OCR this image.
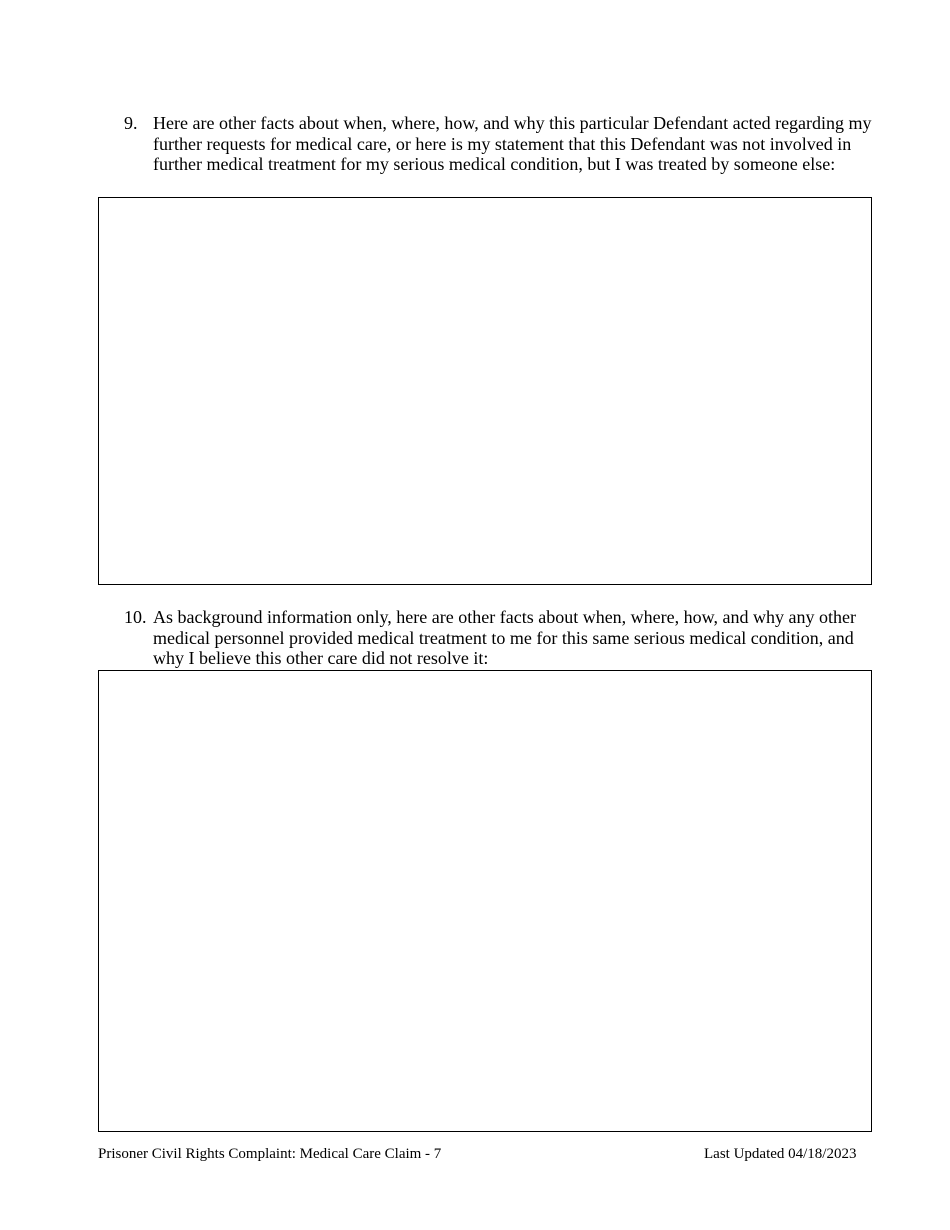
9. Here are other facts about when, where, how, and why this particular Defendant acted regarding my further requests for medical care, or here is my statement that this Defendant was not involved in further medical treatment for my serious medical condition, but I was treated by someone else:
10. As background information only, here are other facts about when, where, how, and why any other medical personnel provided medical treatment to me for this same serious medical condition, and why I believe this other care did not resolve it:
Prisoner Civil Rights Complaint: Medical Care Claim - 7	Last Updated 04/18/2023
